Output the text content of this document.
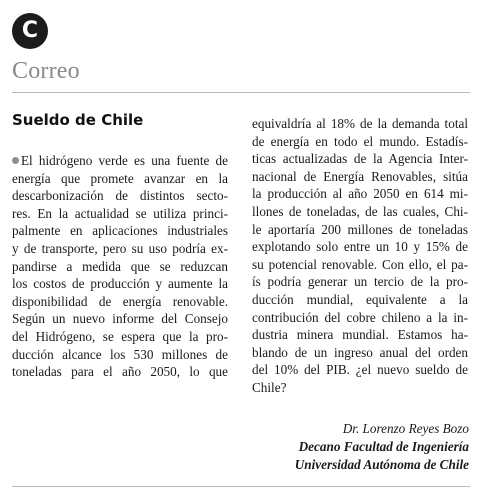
C
Correo
Sueldo de Chile
El hidrógeno verde es una fuente de
energía que promete avanzar en la
descarbonización de distintos secto-
res. En la actualidad se utiliza princi-
palmente en aplicaciones industriales
y de transporte, pero su uso podría ex-
pandirse a medida que se reduzcan
los costos de producción y aumente la
disponibilidad de energía renovable.
Según un nuevo informe del Consejo
del Hidrógeno, se espera que la pro-
ducción alcance los 530 millones de
toneladas para el año 2050, lo que
equivaldría al 18% de la demanda total
de energía en todo el mundo. Estadís-
ticas actualizadas de la Agencia Inter-
nacional de Energía Renovables, sitúa
la producción al año 2050 en 614 mi-
llones de toneladas, de las cuales, Chi-
le aportaría 200 millones de toneladas
explotando solo entre un 10 y 15% de
su potencial renovable. Con ello, el pa-
ís podría generar un tercio de la pro-
ducción mundial, equivalente a la
contribución del cobre chileno a la in-
dustria minera mundial. Estamos ha-
blando de un ingreso anual del orden
del 10% del PIB. ¿el nuevo sueldo de
Chile?
Dr. Lorenzo Reyes Bozo
Decano Facultad de Ingeniería
Universidad Autónoma de Chile
